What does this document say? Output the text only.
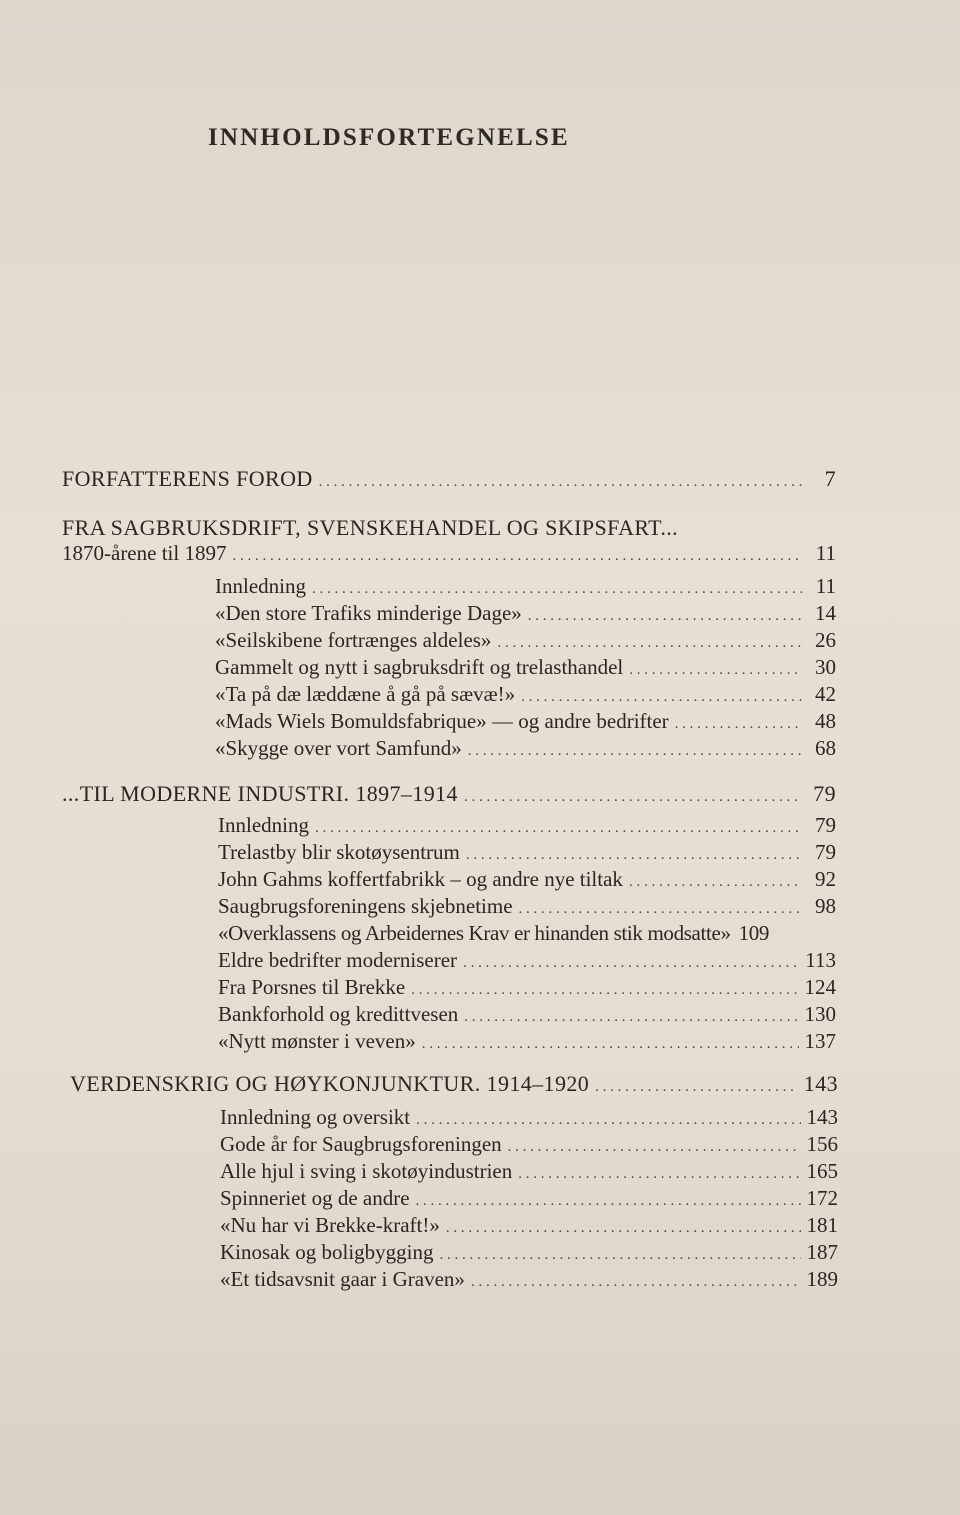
INNHOLDSFORTEGNELSE
FORFATTERENS FOROD . . .	7
FRA SAGBRUKSDRIFT, SVENSKEHANDEL OG SKIPSFART...
1870-årene til 1897 . . .	11
Innledning . . .	11
«Den store Trafiks minderige Dage» . . .	14
«Seilskibene fortrænges aldeles» . . .	26
Gammelt og nytt i sagbruksdrift og trelasthandel . . .	30
«Ta på dæ læddæne å gå på sævæ!» . . .	42
«Mads Wiels Bomuldsfabrique» — og andre bedrifter . . .	48
«Skygge over vort Samfund» . . .	68
...TIL MODERNE INDUSTRI. 1897–1914 . . .	79
Innledning . . .	79
Trelastby blir skotøysentrum . . .	79
John Gahms koffertfabrikk – og andre nye tiltak . . .	92
Saugbrugsforeningens skjebnetime . . .	98
«Overklassens og Arbeidernes Krav er hinanden stik modsatte» 109
Eldre bedrifter moderniserer . . .	113
Fra Porsnes til Brekke . . .	124
Bankforhold og kredittvesen . . .	130
«Nytt mønster i veven» . . .	137
VERDENSKRIG OG HØYKONJUNKTUR. 1914–1920 . . .	143
Innledning og oversikt . . .	143
Gode år for Saugbrugsforeningen . . .	156
Alle hjul i sving i skotøyindustrien . . .	165
Spinneriet og de andre . . .	172
«Nu har vi Brekke-kraft!» . . .	181
Kinosak og boligbygging . . .	187
«Et tidsavsnit gaar i Graven» . . .	189
